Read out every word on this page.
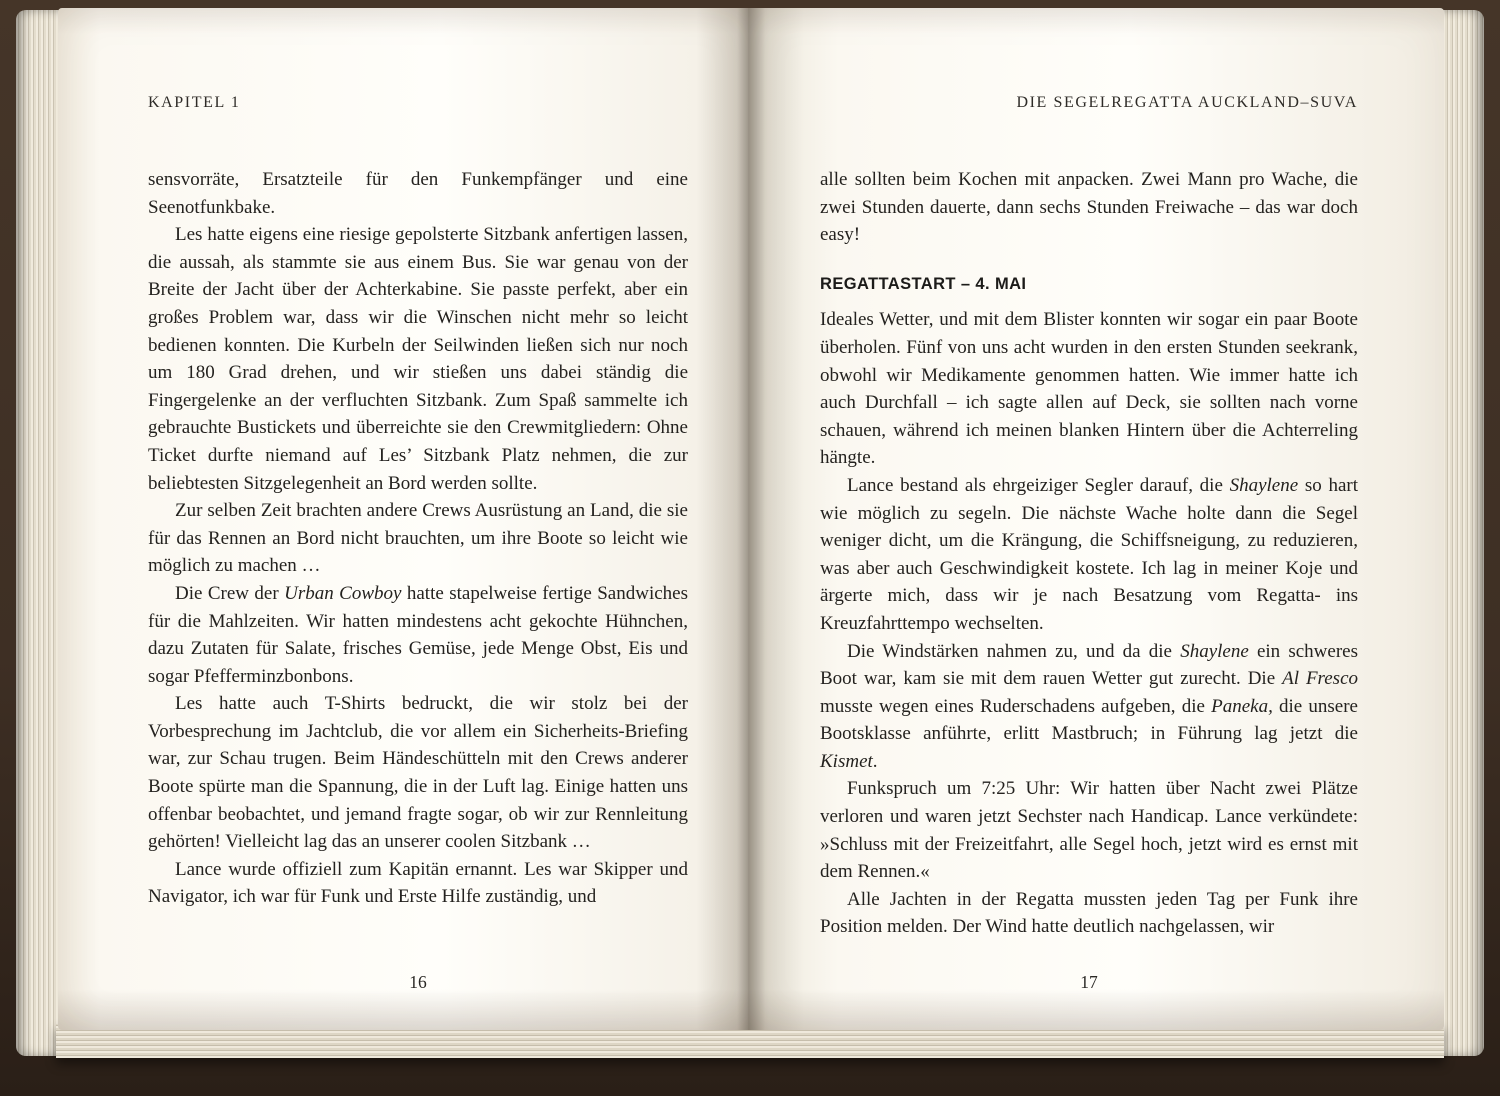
KAPITEL 1

sensvorräte, Ersatzteile für den Funkempfänger und eine Seenotfunkbake.

Les hatte eigens eine riesige gepolsterte Sitzbank anfertigen lassen, die aussah, als stammte sie aus einem Bus. Sie war genau von der Breite der Jacht über der Achterkabine. Sie passte perfekt, aber ein großes Problem war, dass wir die Winschen nicht mehr so leicht bedienen konnten. Die Kurbeln der Seilwinden ließen sich nur noch um 180 Grad drehen, und wir stießen uns dabei ständig die Fingergelenke an der verfluchten Sitzbank. Zum Spaß sammelte ich gebrauchte Bustickets und überreichte sie den Crewmitgliedern: Ohne Ticket durfte niemand auf Les’ Sitzbank Platz nehmen, die zur beliebtesten Sitzgelegenheit an Bord werden sollte.

Zur selben Zeit brachten andere Crews Ausrüstung an Land, die sie für das Rennen an Bord nicht brauchten, um ihre Boote so leicht wie möglich zu machen …

Die Crew der Urban Cowboy hatte stapelweise fertige Sandwiches für die Mahlzeiten. Wir hatten mindestens acht gekochte Hühnchen, dazu Zutaten für Salate, frisches Gemüse, jede Menge Obst, Eis und sogar Pfefferminzbonbons.

Les hatte auch T-Shirts bedruckt, die wir stolz bei der Vorbesprechung im Jachtclub, die vor allem ein Sicherheits-Briefing war, zur Schau trugen. Beim Händeschütteln mit den Crews anderer Boote spürte man die Spannung, die in der Luft lag. Einige hatten uns offenbar beobachtet, und jemand fragte sogar, ob wir zur Rennleitung gehörten! Vielleicht lag das an unserer coolen Sitzbank …

Lance wurde offiziell zum Kapitän ernannt. Les war Skipper und Navigator, ich war für Funk und Erste Hilfe zuständig, und

16
DIE SEGELREGATTA AUCKLAND–SUVA

alle sollten beim Kochen mit anpacken. Zwei Mann pro Wache, die zwei Stunden dauerte, dann sechs Stunden Freiwache – das war doch easy!

REGATTASTART – 4. MAI

Ideales Wetter, und mit dem Blister konnten wir sogar ein paar Boote überholen. Fünf von uns acht wurden in den ersten Stunden seekrank, obwohl wir Medikamente genommen hatten. Wie immer hatte ich auch Durchfall – ich sagte allen auf Deck, sie sollten nach vorne schauen, während ich meinen blanken Hintern über die Achterreling hängte.

Lance bestand als ehrgeiziger Segler darauf, die Shaylene so hart wie möglich zu segeln. Die nächste Wache holte dann die Segel weniger dicht, um die Krängung, die Schiffsneigung, zu reduzieren, was aber auch Geschwindigkeit kostete. Ich lag in meiner Koje und ärgerte mich, dass wir je nach Besatzung vom Regatta- ins Kreuzfahrttempo wechselten.

Die Windstärken nahmen zu, und da die Shaylene ein schweres Boot war, kam sie mit dem rauen Wetter gut zurecht. Die Al Fresco musste wegen eines Ruderschadens aufgeben, die Paneka, die unsere Bootsklasse anführte, erlitt Mastbruch; in Führung lag jetzt die Kismet.

Funkspruch um 7:25 Uhr: Wir hatten über Nacht zwei Plätze verloren und waren jetzt Sechster nach Handicap. Lance verkündete: »Schluss mit der Freizeitfahrt, alle Segel hoch, jetzt wird es ernst mit dem Rennen.«

Alle Jachten in der Regatta mussten jeden Tag per Funk ihre Position melden. Der Wind hatte deutlich nachgelassen, wir

17
